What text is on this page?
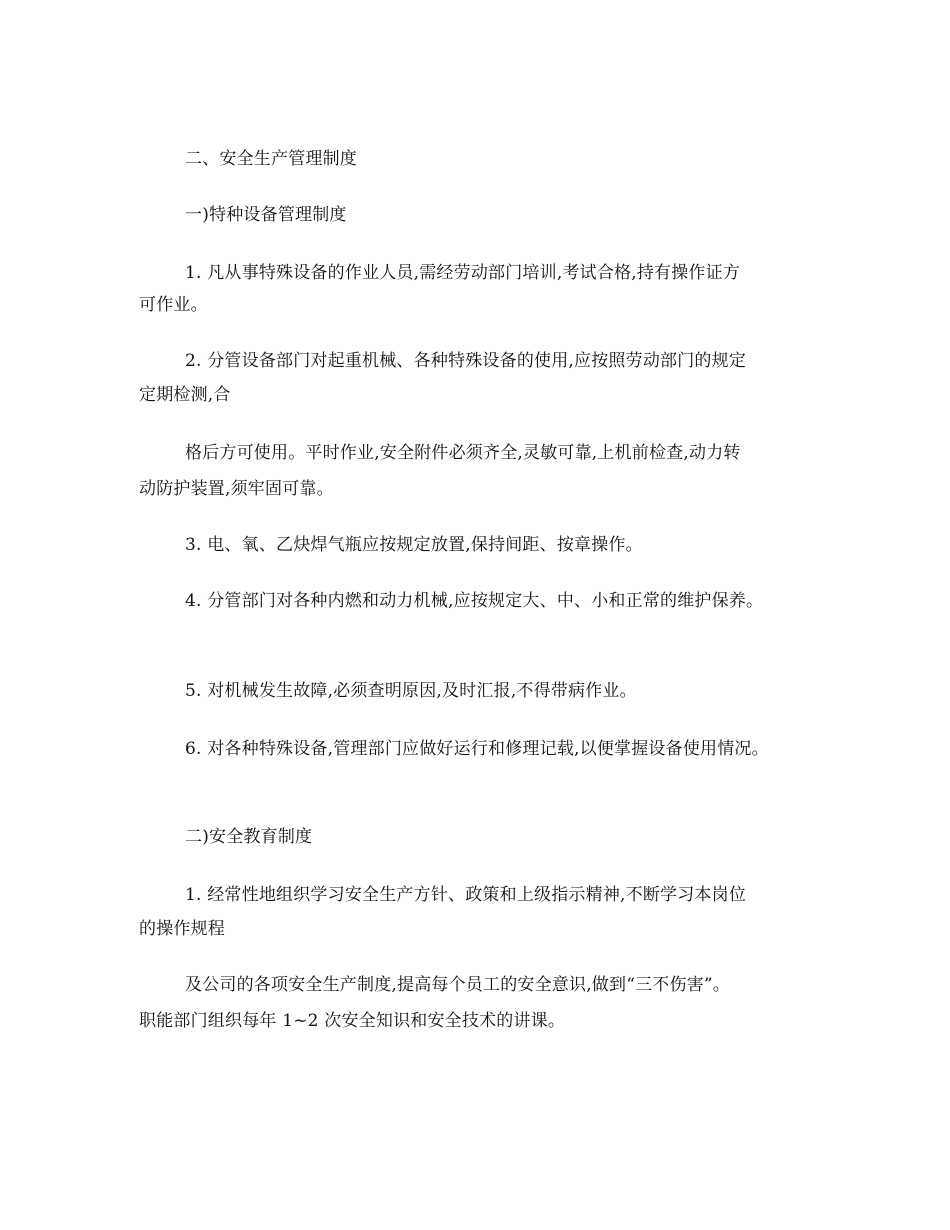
二、安全生产管理制度
一)特种设备管理制度
1. 凡从事特殊设备的作业人员,需经劳动部门培训,考试合格,持有操作证方
可作业。
2. 分管设备部门对起重机械、各种特殊设备的使用,应按照劳动部门的规定
定期检测,合
格后方可使用。平时作业,安全附件必须齐全,灵敏可靠,上机前检查,动力转
动防护装置,须牢固可靠。
3. 电、氧、乙炔焊气瓶应按规定放置,保持间距、按章操作。
4. 分管部门对各种内燃和动力机械,应按规定大、中、小和正常的维护保养。
5. 对机械发生故障,必须查明原因,及时汇报,不得带病作业。
6. 对各种特殊设备,管理部门应做好运行和修理记载,以便掌握设备使用情况。
二)安全教育制度
1. 经常性地组织学习安全生产方针、政策和上级指示精神,不断学习本岗位
的操作规程
及公司的各项安全生产制度,提高每个员工的安全意识,做到“三不伤害”。
职能部门组织每年 1~2 次安全知识和安全技术的讲课。
